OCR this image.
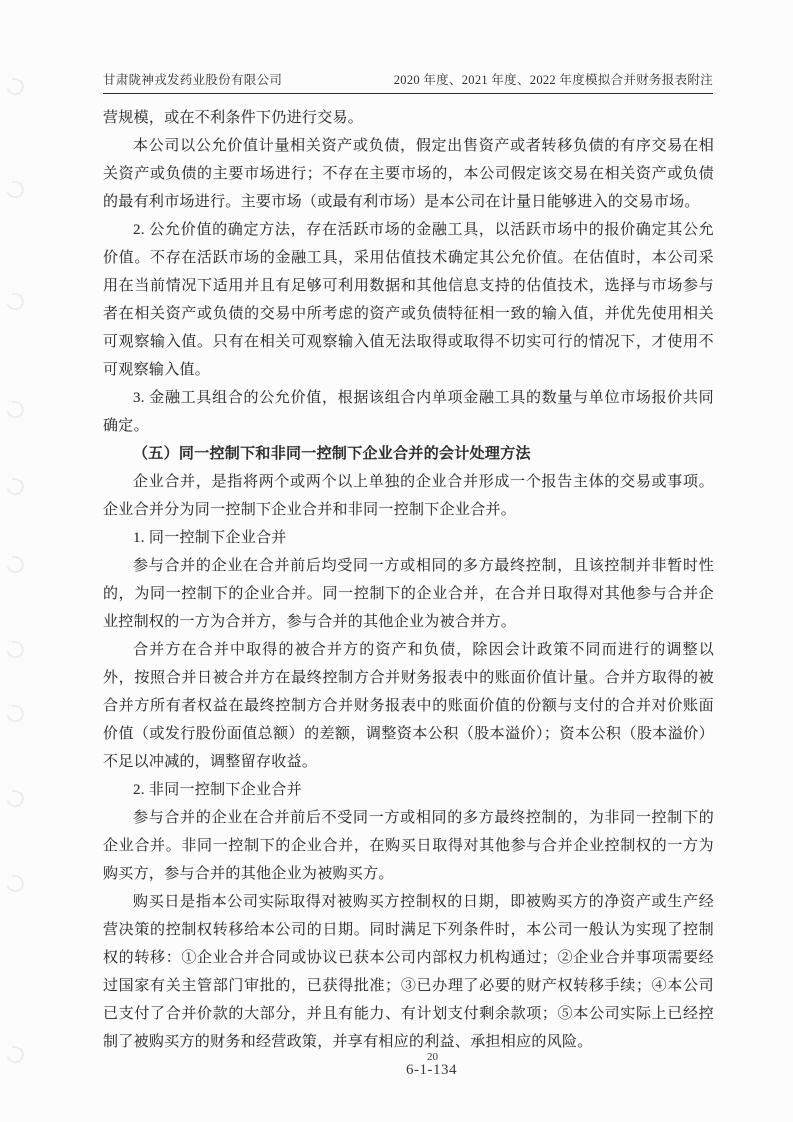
甘肃陇神戎发药业股份有限公司	2020 年度、2021 年度、2022 年度模拟合并财务报表附注

营规模，或在不利条件下仍进行交易。

本公司以公允价值计量相关资产或负债，假定出售资产或者转移负债的有序交易在相关资产或负债的主要市场进行；不存在主要市场的，本公司假定该交易在相关资产或负债的最有利市场进行。主要市场（或最有利市场）是本公司在计量日能够进入的交易市场。

2. 公允价值的确定方法，存在活跃市场的金融工具，以活跃市场中的报价确定其公允价值。不存在活跃市场的金融工具，采用估值技术确定其公允价值。在估值时，本公司采用在当前情况下适用并且有足够可利用数据和其他信息支持的估值技术，选择与市场参与者在相关资产或负债的交易中所考虑的资产或负债特征相一致的输入值，并优先使用相关可观察输入值。只有在相关可观察输入值无法取得或取得不切实可行的情况下，才使用不可观察输入值。

3. 金融工具组合的公允价值，根据该组合内单项金融工具的数量与单位市场报价共同确定。

（五）同一控制下和非同一控制下企业合并的会计处理方法

企业合并，是指将两个或两个以上单独的企业合并形成一个报告主体的交易或事项。企业合并分为同一控制下企业合并和非同一控制下企业合并。

1. 同一控制下企业合并

参与合并的企业在合并前后均受同一方或相同的多方最终控制，且该控制并非暂时性的，为同一控制下的企业合并。同一控制下的企业合并，在合并日取得对其他参与合并企业控制权的一方为合并方，参与合并的其他企业为被合并方。

合并方在合并中取得的被合并方的资产和负债，除因会计政策不同而进行的调整以外，按照合并日被合并方在最终控制方合并财务报表中的账面价值计量。合并方取得的被合并方所有者权益在最终控制方合并财务报表中的账面价值的份额与支付的合并对价账面价值（或发行股份面值总额）的差额，调整资本公积（股本溢价）；资本公积（股本溢价）不足以冲减的，调整留存收益。

2. 非同一控制下企业合并

参与合并的企业在合并前后不受同一方或相同的多方最终控制的，为非同一控制下的企业合并。非同一控制下的企业合并，在购买日取得对其他参与合并企业控制权的一方为购买方，参与合并的其他企业为被购买方。

购买日是指本公司实际取得对被购买方控制权的日期，即被购买方的净资产或生产经营决策的控制权转移给本公司的日期。同时满足下列条件时，本公司一般认为实现了控制权的转移：①企业合并合同或协议已获本公司内部权力机构通过；②企业合并事项需要经过国家有关主管部门审批的，已获得批准；③已办理了必要的财产权转移手续；④本公司已支付了合并价款的大部分，并且有能力、有计划支付剩余款项；⑤本公司实际上已经控制了被购买方的财务和经营政策，并享有相应的利益、承担相应的风险。

20
6-1-134
